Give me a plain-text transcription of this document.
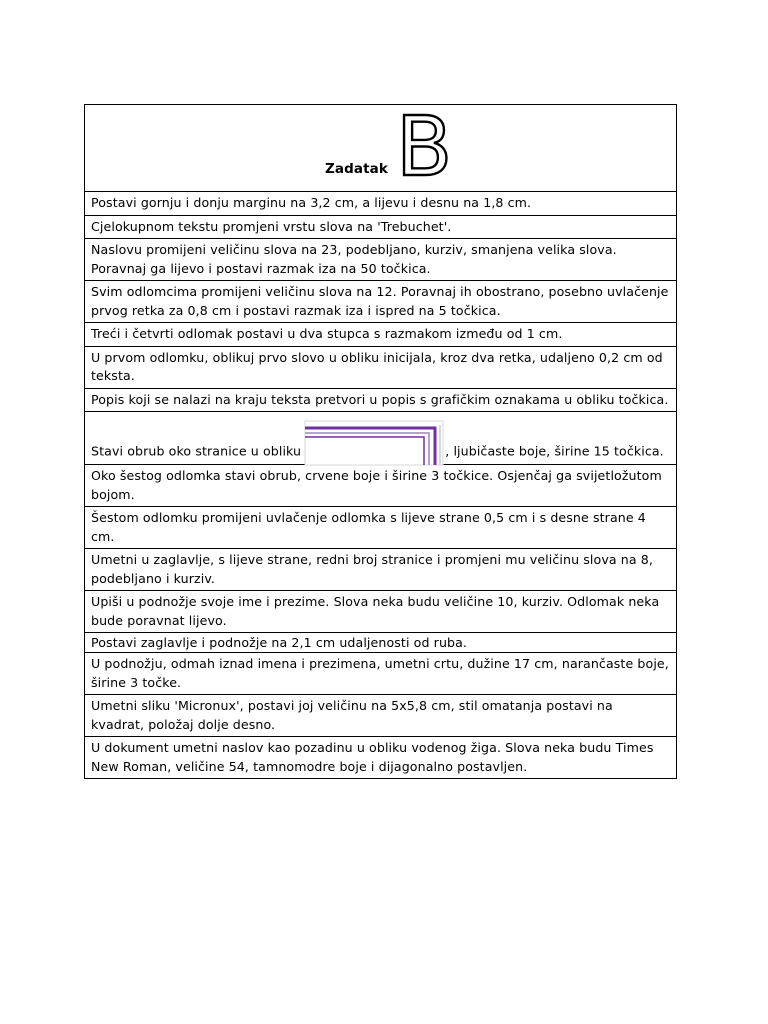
Zadatak B

Postavi gornju i donju marginu na 3,2 cm, a lijevu i desnu na 1,8 cm.
Cjelokupnom tekstu promjeni vrstu slova na 'Trebuchet'.
Naslovu promijeni veličinu slova na 23, podebljano, kurziv, smanjena velika slova. Poravnaj ga lijevo i postavi razmak iza na 50 točkica.
Svim odlomcima promijeni veličinu slova na 12. Poravnaj ih obostrano, posebno uvlačenje prvog retka za 0,8 cm i postavi razmak iza i ispred na 5 točkica.
Treći i četvrti odlomak postavi u dva stupca s razmakom između od 1 cm.
U prvom odlomku, oblikuj prvo slovo u obliku inicijala, kroz dva retka, udaljeno 0,2 cm od teksta.
Popis koji se nalazi na kraju teksta pretvori u popis s grafičkim oznakama u obliku točkica.
Stavi obrub oko stranice u obliku	, ljubičaste boje, širine 15 točkica.
Oko šestog odlomka stavi obrub, crvene boje i širine 3 točkice. Osjenčaj ga svijetložutom bojom.
Šestom odlomku promijeni uvlačenje odlomka s lijeve strane 0,5 cm i s desne strane 4 cm.
Umetni u zaglavlje, s lijeve strane, redni broj stranice i promjeni mu veličinu slova na 8, podebljano i kurziv.
Upiši u podnožje svoje ime i prezime. Slova neka budu veličine 10, kurziv. Odlomak neka bude poravnat lijevo.
Postavi zaglavlje i podnožje na 2,1 cm udaljenosti od ruba.
U podnožju, odmah iznad imena i prezimena, umetni crtu, dužine 17 cm, narančaste boje, širine 3 točke.
Umetni sliku 'Micronux', postavi joj veličinu na 5x5,8 cm, stil omatanja postavi na kvadrat, položaj dolje desno.
U dokument umetni naslov kao pozadinu u obliku vodenog žiga. Slova neka budu Times New Roman, veličine 54, tamnomodre boje i dijagonalno postavljen.
